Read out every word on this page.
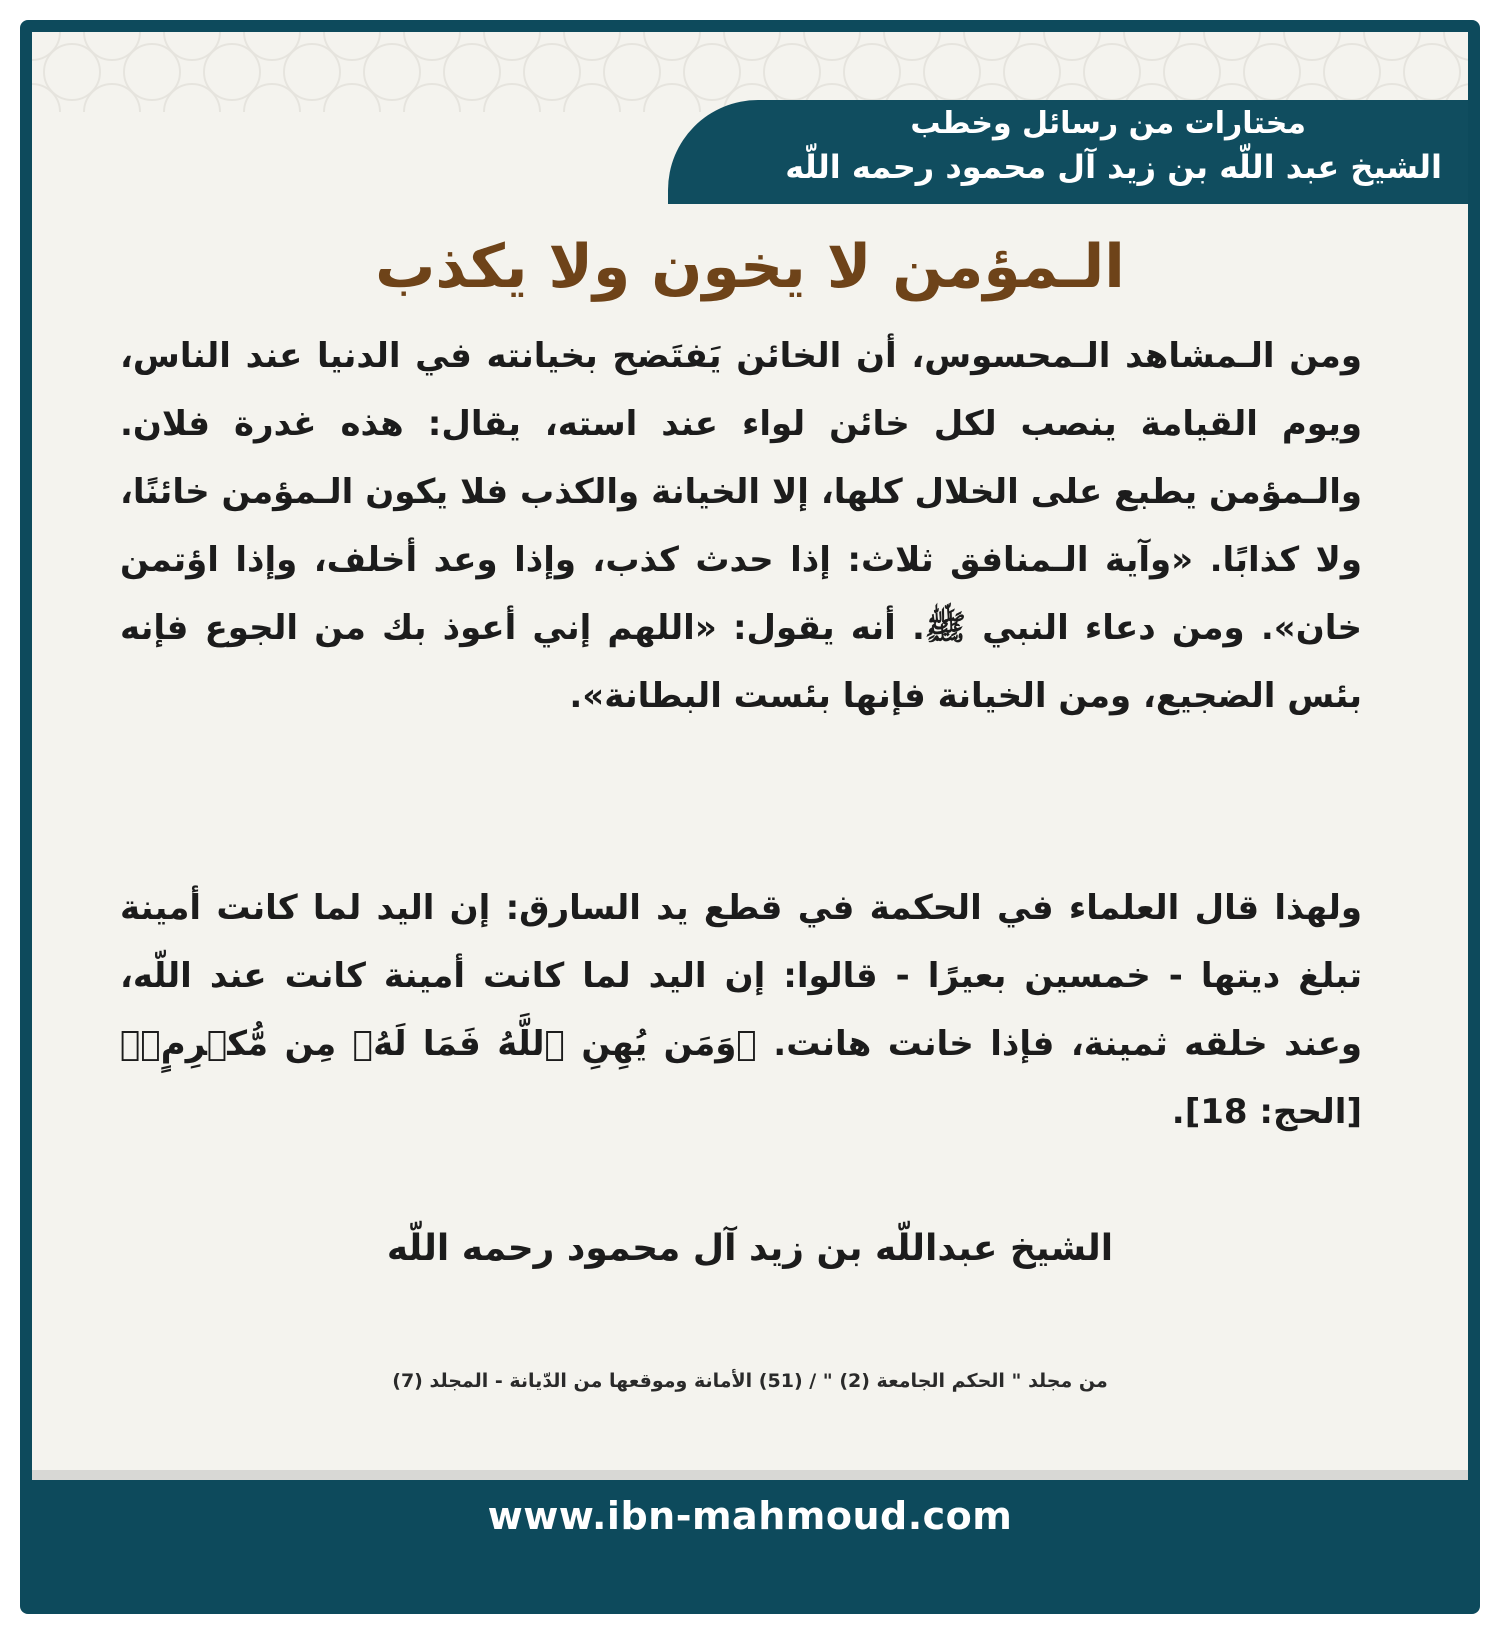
مختارات من رسائل وخطب
الشيخ عبد اللّه بن زيد آل محمود رحمه اللّه
الـمؤمن لا يخون ولا يكذب

ومن الـمشاهد الـمحسوس، أن الخائن يَفتَضح بخيانته في الدنيا عند الناس، ويوم القيامة ينصب لكل خائن لواء عند استه، يقال: هذه غدرة فلان. والـمؤمن يطبع على الخلال كلها، إلا الخيانة والكذب فلا يكون الـمؤمن خائنًا، ولا كذابًا. «وآية الـمنافق ثلاث: إذا حدث كذب، وإذا وعد أخلف، وإذا اؤتمن خان». ومن دعاء النبي ﷺ. أنه يقول: «اللهم إني أعوذ بك من الجوع فإنه بئس الضجيع، ومن الخيانة فإنها بئست البطانة».

ولهذا قال العلماء في الحكمة في قطع يد السارق: إن اليد لما كانت أمينة تبلغ ديتها - خمسين بعيرًا - قالوا: إن اليد لما كانت أمينة كانت عند اللّه، وعند خلقه ثمينة، فإذا خانت هانت. ﴿وَمَن يُهِنِ ٱللَّهُ فَمَا لَهُۥ مِن مُّكۡرِمٍۚ﴾ [الحج: 18].

الشيخ عبداللّه بن زيد آل محمود رحمه اللّه
من مجلد " الحكم الجامعة (2) " / (51) الأمانة وموقعها من الدّيانة - المجلد (7)
www.ibn-mahmoud.com
